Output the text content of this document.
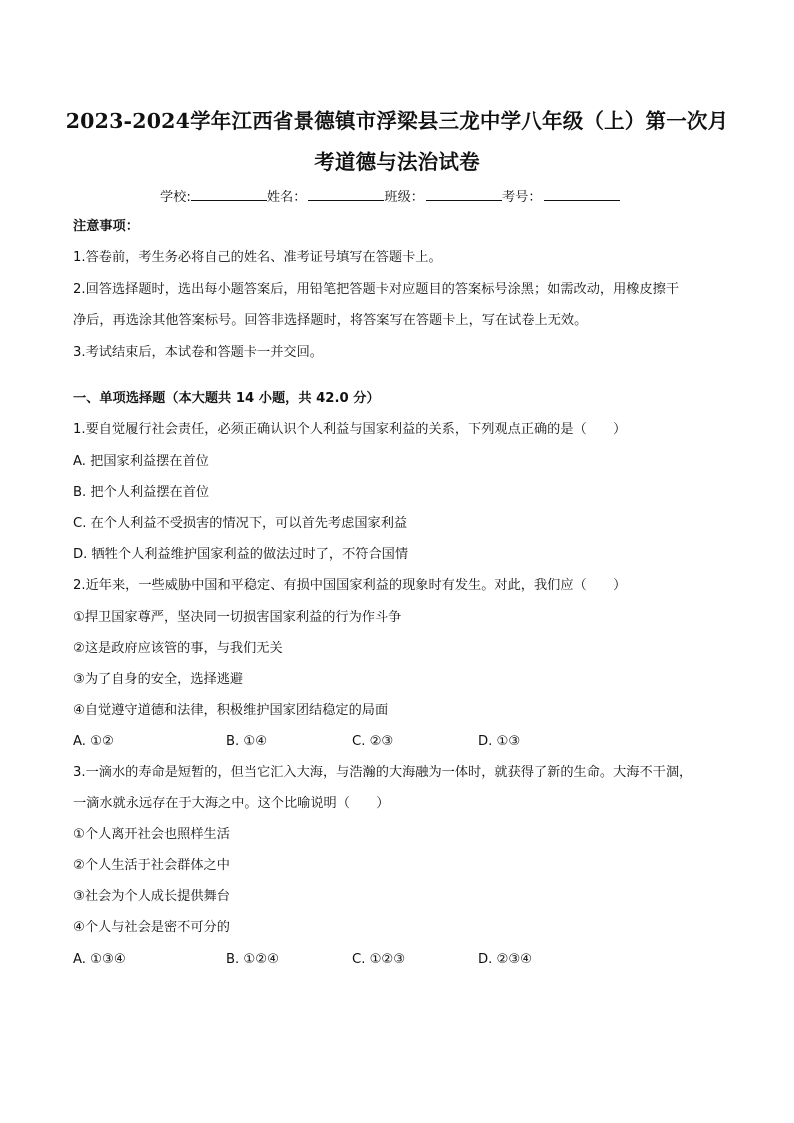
2023-2024学年江西省景德镇市浮梁县三龙中学八年级（上）第一次月
考道德与法治试卷
学校:	姓名：	班级：	考号：
注意事项：
1.答卷前，考生务必将自己的姓名、准考证号填写在答题卡上。
2.回答选择题时，选出每小题答案后，用铅笔把答题卡对应题目的答案标号涂黑；如需改动，用橡皮擦干
净后，再选涂其他答案标号。回答非选择题时，将答案写在答题卡上，写在试卷上无效。
3.考试结束后，本试卷和答题卡一并交回。
一、单项选择题（本大题共 14 小题，共 42.0 分）
1.要自觉履行社会责任，必须正确认识个人利益与国家利益的关系，下列观点正确的是（　　）
A. 把国家利益摆在首位
B. 把个人利益摆在首位
C. 在个人利益不受损害的情况下，可以首先考虑国家利益
D. 牺牲个人利益维护国家利益的做法过时了，不符合国情
2.近年来，一些威胁中国和平稳定、有损中国国家利益的现象时有发生。对此，我们应（　　）
①捍卫国家尊严，坚决同一切损害国家利益的行为作斗争
②这是政府应该管的事，与我们无关
③为了自身的安全，选择逃避
④自觉遵守道德和法律，积极维护国家团结稳定的局面
A. ①②	B. ①④	C. ②③	D. ①③
3.一滴水的寿命是短暂的，但当它汇入大海，与浩瀚的大海融为一体时，就获得了新的生命。大海不干涸，
一滴水就永远存在于大海之中。这个比喻说明（　　）
①个人离开社会也照样生活
②个人生活于社会群体之中
③社会为个人成长提供舞台
④个人与社会是密不可分的
A. ①③④	B. ①②④	C. ①②③	D. ②③④
